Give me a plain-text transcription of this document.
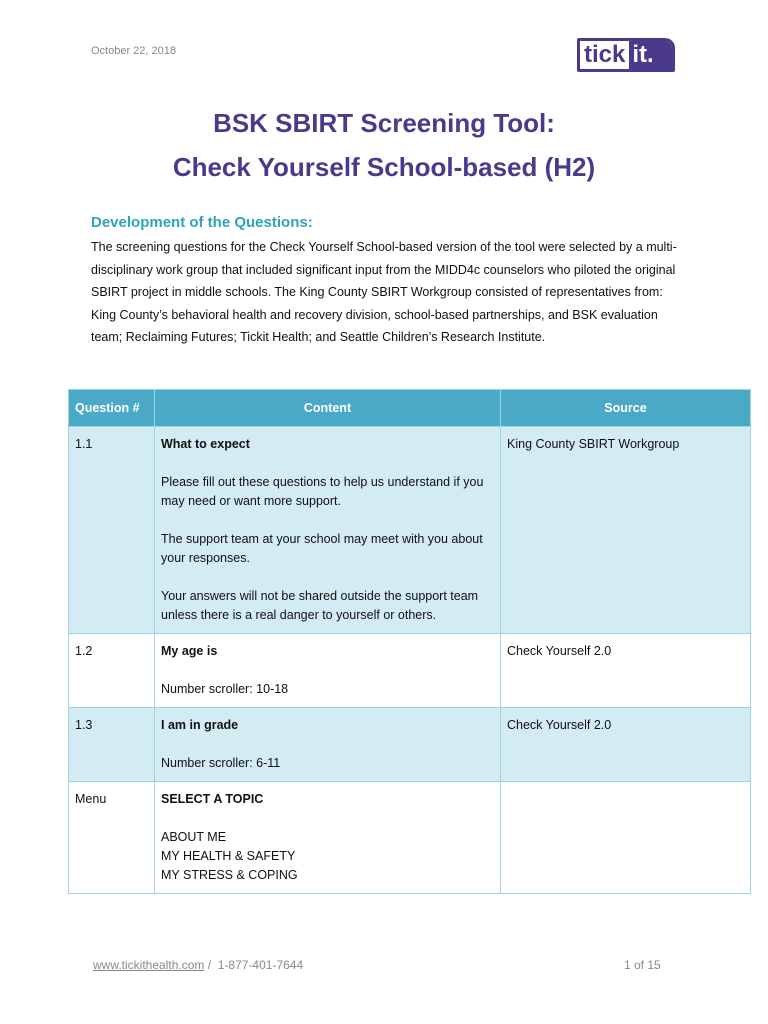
October 22, 2018	tick it.
BSK SBIRT Screening Tool:
Check Yourself School-based (H2)
Development of the Questions:
The screening questions for the Check Yourself School-based version of the tool were selected by a multi-disciplinary work group that included significant input from the MIDD4c counselors who piloted the original SBIRT project in middle schools. The King County SBIRT Workgroup consisted of representatives from: King County’s behavioral health and recovery division, school-based partnerships, and BSK evaluation team; Reclaiming Futures; Tickit Health; and Seattle Children’s Research Institute.
Question #	Content	Source
1.1	What to expect
Please fill out these questions to help us understand if you may need or want more support.
The support team at your school may meet with you about your responses.
Your answers will not be shared outside the support team unless there is a real danger to yourself or others.	King County SBIRT Workgroup
1.2	My age is
Number scroller: 10-18	Check Yourself 2.0
1.3	I am in grade
Number scroller: 6-11	Check Yourself 2.0
Menu	SELECT A TOPIC
ABOUT ME
MY HEALTH & SAFETY
MY STRESS & COPING	

www.tickithealth.com / 1-877-401-7644	1 of 15
